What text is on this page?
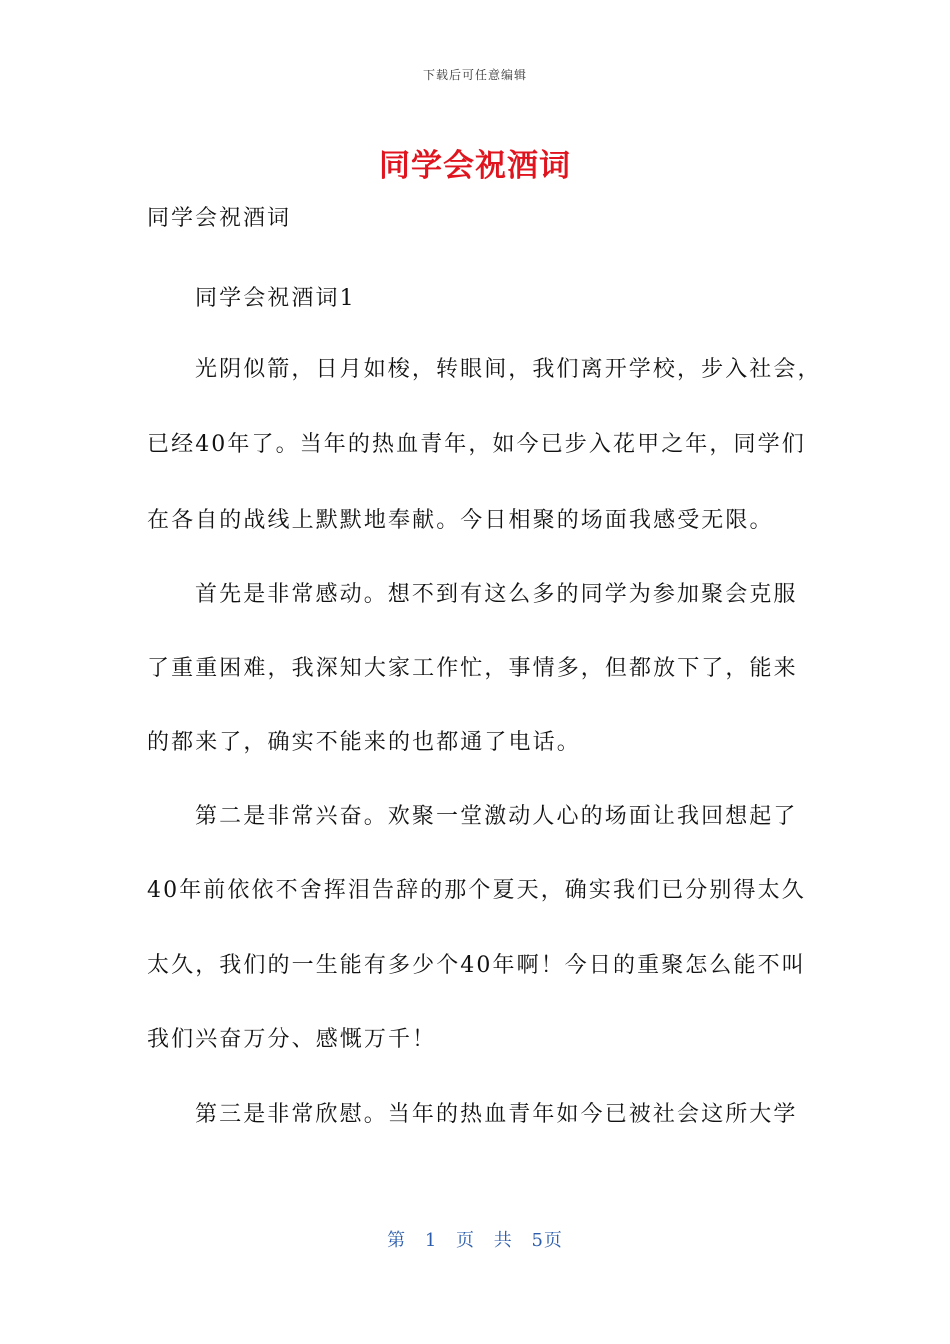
下载后可任意编辑
同学会祝酒词
同学会祝酒词
同学会祝酒词1
光阴似箭，日月如梭，转眼间，我们离开学校，步入社会，
已经40年了。当年的热血青年，如今已步入花甲之年，同学们
在各自的战线上默默地奉献。今日相聚的场面我感受无限。
首先是非常感动。想不到有这么多的同学为参加聚会克服
了重重困难，我深知大家工作忙，事情多，但都放下了，能来
的都来了，确实不能来的也都通了电话。
第二是非常兴奋。欢聚一堂激动人心的场面让我回想起了
40年前依依不舍挥泪告辞的那个夏天，确实我们已分别得太久
太久，我们的一生能有多少个40年啊！今日的重聚怎么能不叫
我们兴奋万分、感慨万千！
第三是非常欣慰。当年的热血青年如今已被社会这所大学
第 1 页 共 5页
